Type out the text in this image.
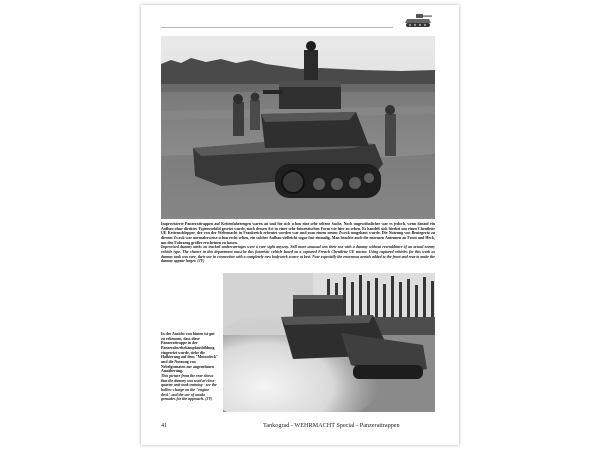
Improvisierte Panzerattrappen auf Kettenfahrzeugen waren an und für sich schon eine sehr seltene Sache. Noch ungewöhnlicher war es jedoch, wenn darauf ein Aufbau ohne direktes Typenvorbild gesetzt wurde, nach dessen Art in einer sehr futuristischen Form wie hier zu sehen. Es handelt sich hierbei um einen Chenilette UE Kettenschlepper, der von der Wehrmacht in Frankreich erbeutet worden war und zum einem neuen Zweck umgebaut wurde. Die Nutzung von Beutegerät zu diesem Zweck war normalerweise schon recht selten, ein solcher Aufbau vielleicht sogar fast einmalig. Man beachte auch die enormen Antennen an Front und Heck, um den Fahrzeug größer erscheinen zu lassen.
Improvised dummy tanks on tracked undercarriages were a rare sight anyway. Still more unusual was their use with a dummy without resemblance of an actual enemy vehicle type. The chance in this department must be this futuristic vehicle based on a captured French Chenilette UE tractor. Using captured vehicles for this work as dummy tank was rare, their use in connection with a completely new bodywork scarce at best. Note especially the enormous aerials added to the front and rear to make the dummy appear larger. (JV)

In der Ansicht von hinten ist gut zu erkennen, dass diese Panzerattrappe in der Panzerabwehrkämpfausbildung eingesetzt wurde, siehe die Halbierung auf dem "Motordeck" und die Nutzung von Nebelgranaten zur angenehmen Annäherung.
This picture from the rear shows that the dummy was used at close-quarter anti-tank training - see the hollow-charge on the "engine deck" and the use of smoke grenades for the approach. (JV)

41	Tankograd - WEHRMACHT Special - Panzerattrappen
